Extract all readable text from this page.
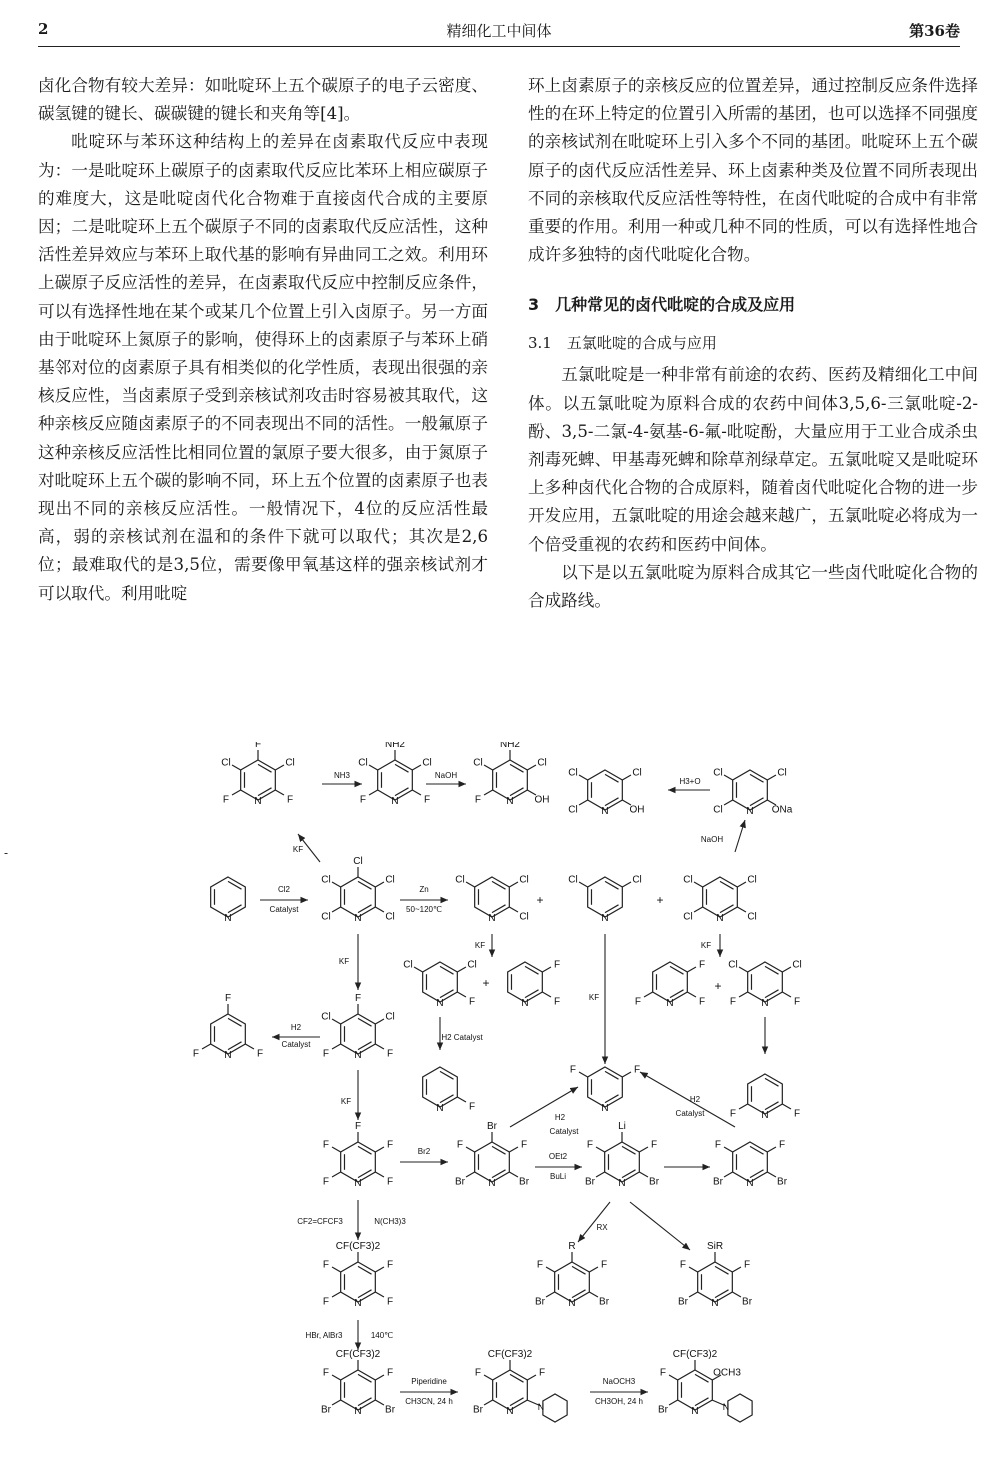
2	精细化工中间体	第36卷

卤化合物有较大差异：如吡啶环上五个碳原子的电子云密度、碳氢键的键长、碳碳键的键长和夹角等[4]。

吡啶环与苯环这种结构上的差异在卤素取代反应中表现为：一是吡啶环上碳原子的卤素取代反应比苯环上相应碳原子的难度大，这是吡啶卤代化合物难于直接卤代合成的主要原因；二是吡啶环上五个碳原子不同的卤素取代反应活性，这种活性差异效应与苯环上取代基的影响有异曲同工之效。利用环上碳原子反应活性的差异，在卤素取代反应中控制反应条件，可以有选择性地在某个或某几个位置上引入卤原子。另一方面由于吡啶环上氮原子的影响，使得环上的卤素原子与苯环上硝基邻对位的卤素原子具有相类似的化学性质，表现出很强的亲核反应性，当卤素原子受到亲核试剂攻击时容易被其取代，这种亲核反应随卤素原子的不同表现出不同的活性。一般氟原子这种亲核反应活性比相同位置的氯原子要大很多，由于氮原子对吡啶环上五个碳的影响不同，环上五个位置的卤素原子也表现出不同的亲核反应活性。一般情况下，4位的反应活性最高，弱的亲核试剂在温和的条件下就可以取代；其次是2,6位；最难取代的是3,5位，需要像甲氧基这样的强亲核试剂才可以取代。利用吡啶

环上卤素原子的亲核反应的位置差异，通过控制反应条件选择性的在环上特定的位置引入所需的基团，也可以选择不同强度的亲核试剂在吡啶环上引入多个不同的基团。吡啶环上五个碳原子的卤代反应活性差异、环上卤素种类及位置不同所表现出不同的亲核取代反应活性等特性，在卤代吡啶的合成中有非常重要的作用。利用一种或几种不同的性质，可以有选择性地合成许多独特的卤代吡啶化合物。

3　几种常见的卤代吡啶的合成及应用
3.1　五氯吡啶的合成与应用

五氯吡啶是一种非常有前途的农药、医药及精细化工中间体。以五氯吡啶为原料合成的农药中间体3,5,6-三氯吡啶-2-酚、3,5-二氯-4-氨基-6-氟-吡啶酚，大量应用于工业合成杀虫剂毒死蜱、甲基毒死蜱和除草剂绿草定。五氯吡啶又是吡啶环上多种卤代化合物的合成原料，随着卤代吡啶化合物的进一步开发应用，五氯吡啶的用途会越来越广，五氯吡啶必将成为一个倍受重视的农药和医药中间体。

以下是以五氯吡啶为原料合成其它一些卤代吡啶化合物的合成路线。

-
N
F
Cl
F
F
Cl
NH3
N
NH2
Cl
F
F
Cl
NaOH
N
NH2
Cl
OH
F
Cl
N
Cl
OH
Cl
Cl
H3+O
N
Cl
ONa
Cl
Cl
N
Cl2
Catalyst
N
Cl
Cl
Cl
Cl
Cl
KF
Zn
50~120℃
N
Cl
Cl
Cl
+
N
Cl
Cl
+
N
Cl
Cl
Cl
Cl
NaOH
KF
KF
KF
KF
N
F
F
F
H2
Catalyst
N
F
Cl
F
F
Cl
N
Cl
F
Cl
+
N
F
F
H2 Catalyst
N	F	N
F
F
N
F
F
F
+
N
Cl
F
F
Cl
N	F
F
KF
N
F
F
F
F
F
Br2
N
Br
F
Br
Br
F
H2
Catalyst
OEt2
BuLi
N
Li
F
Br
Br
F
N
F
Br
Br
F
H2
Catalyst
RX
N
R
F
Br
Br
F
N
SiR
F
Br
Br
F
CF2=CFCF3	N(CH3)3
N
CF(CF3)2
F
F
F
F
HBr, AlBr3	140℃
N
CF(CF3)2
F
Br
Br
F
Piperidine
CH3CN, 24 h
N
CF(CF3)2
F
Br
F
N
NaOCH3
CH3OH, 24 h
N
CF(CF3)2
OCH3
Br
F
N
